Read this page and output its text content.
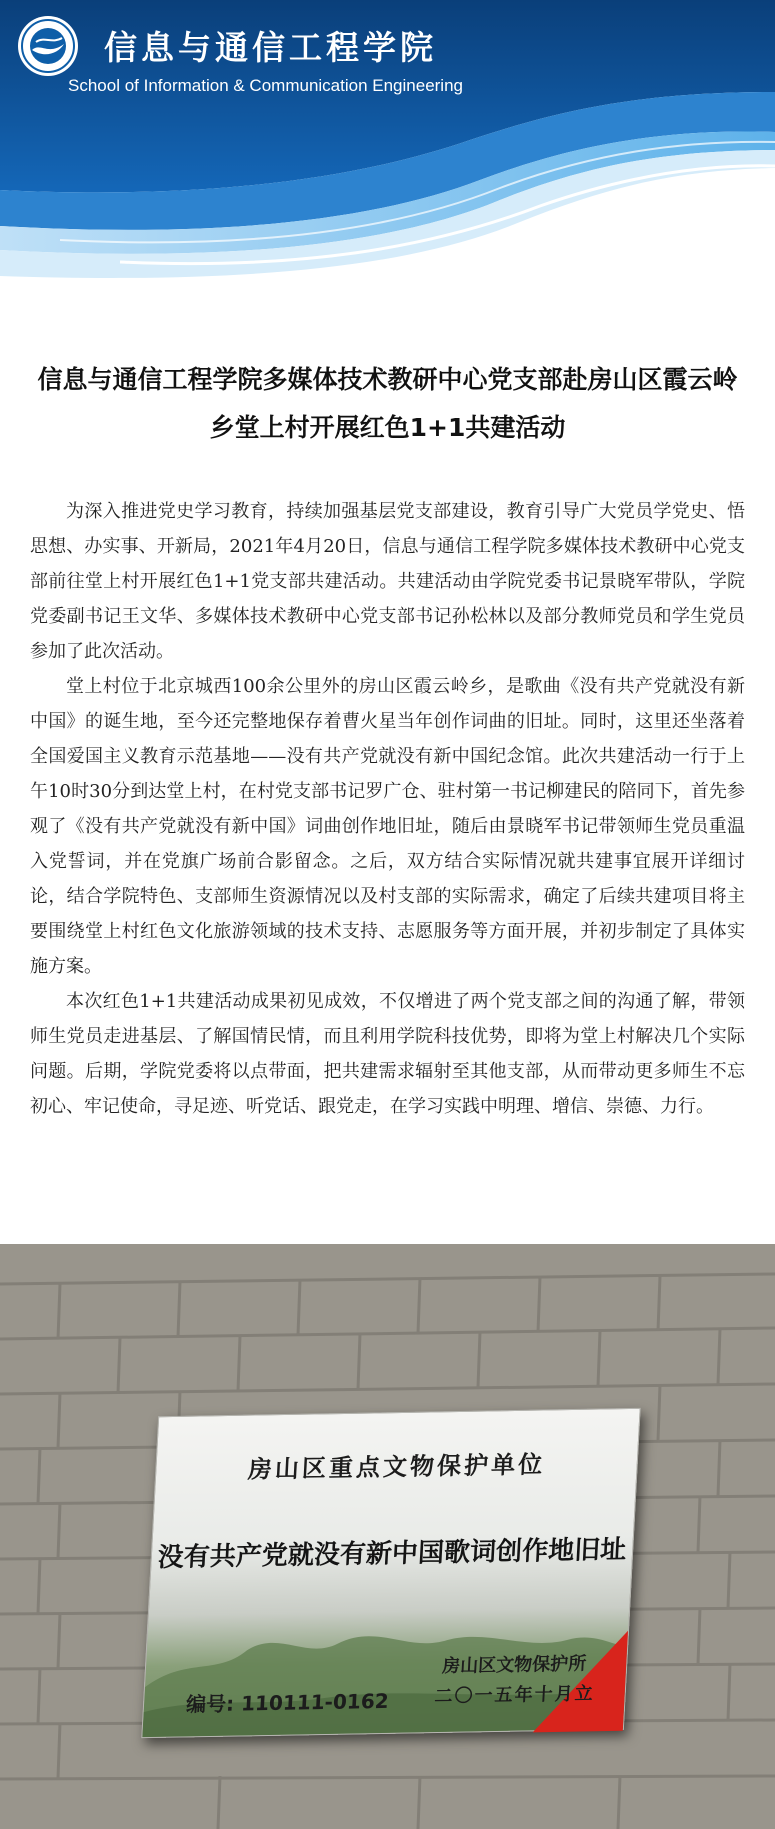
信息与通信工程学院
School of Information & Communication Engineering
信息与通信工程学院多媒体技术教研中心党支部赴房山区霞云岭乡堂上村开展红色1+1共建活动

为深入推进党史学习教育，持续加强基层党支部建设，教育引导广大党员学党史、悟思想、办实事、开新局，2021年4月20日，信息与通信工程学院多媒体技术教研中心党支部前往堂上村开展红色1+1党支部共建活动。共建活动由学院党委书记景晓军带队，学院党委副书记王文华、多媒体技术教研中心党支部书记孙松林以及部分教师党员和学生党员参加了此次活动。

堂上村位于北京城西100余公里外的房山区霞云岭乡，是歌曲《没有共产党就没有新中国》的诞生地，至今还完整地保存着曹火星当年创作词曲的旧址。同时，这里还坐落着全国爱国主义教育示范基地——没有共产党就没有新中国纪念馆。此次共建活动一行于上午10时30分到达堂上村，在村党支部书记罗广仓、驻村第一书记柳建民的陪同下，首先参观了《没有共产党就没有新中国》词曲创作地旧址，随后由景晓军书记带领师生党员重温入党誓词，并在党旗广场前合影留念。之后，双方结合实际情况就共建事宜展开详细讨论，结合学院特色、支部师生资源情况以及村支部的实际需求，确定了后续共建项目将主要围绕堂上村红色文化旅游领域的技术支持、志愿服务等方面开展，并初步制定了具体实施方案。

本次红色1+1共建活动成果初见成效，不仅增进了两个党支部之间的沟通了解，带领师生党员走进基层、了解国情民情，而且利用学院科技优势，即将为堂上村解决几个实际问题。后期，学院党委将以点带面，把共建需求辐射至其他支部，从而带动更多师生不忘初心、牢记使命，寻足迹、听党话、跟党走，在学习实践中明理、增信、崇德、力行。

房山区重点文物保护单位
没有共产党就没有新中国歌词创作地旧址
房山区文物保护所
二〇一五年十月立
编号: 110111-0162
